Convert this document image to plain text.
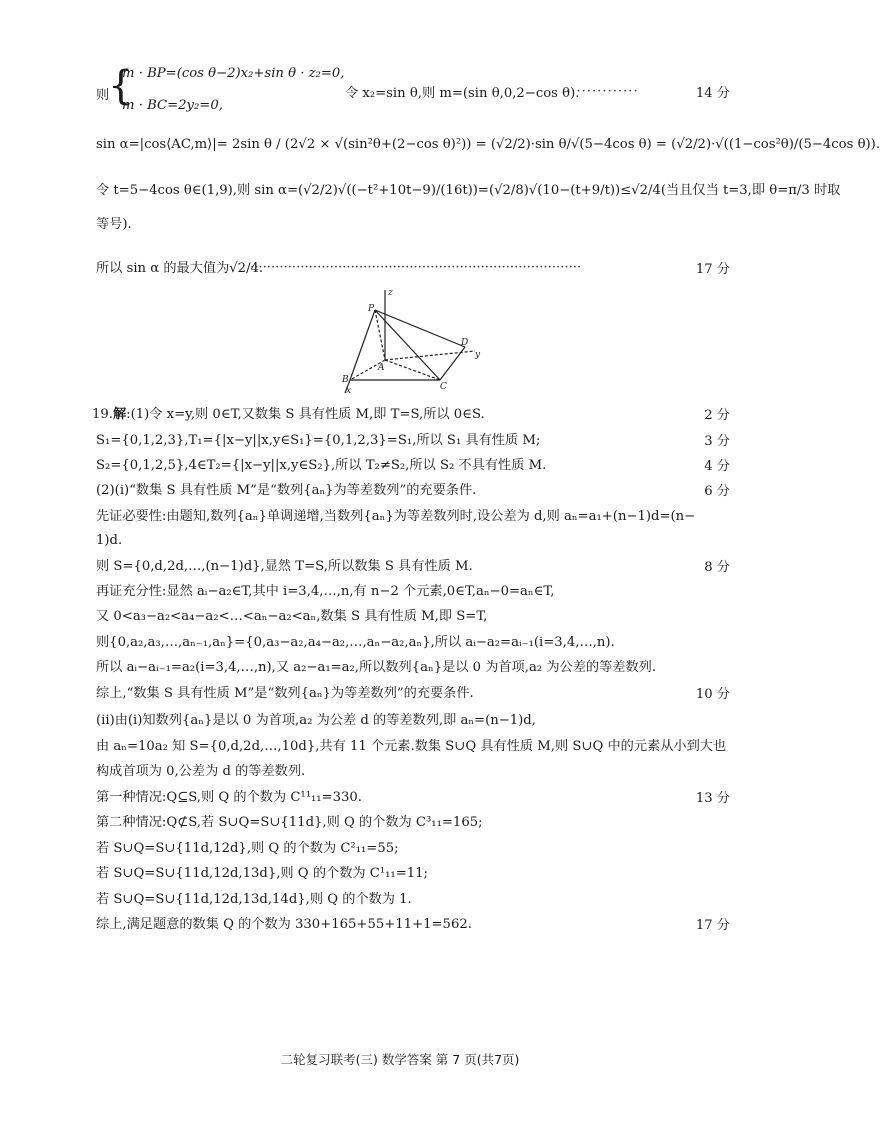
则
{
m · BP=(cos θ−2)x₂+sin θ · z₂=0,
m · BC=2y₂=0,
令 x₂=sin θ,则 m=(sin θ,0,2−cos θ).	14 分
··············
sin α=|cos⟨AC,m⟩|= 2sin θ / (2√2 × √(sin²θ+(2−cos θ)²)) = (√2/2)·sin θ/√(5−4cos θ) = (√2/2)·√((1−cos²θ)/(5−4cos θ)).
令 t=5−4cos θ∈(1,9),则 sin α=(√2/2)√((−t²+10t−9)/(16t))=(√2/8)√(10−(t+9/t))≤√2/4(当且仅当 t=3,即 θ=π/3 时取
等号).
所以 sin α 的最大值为√2/4.
···············································································	17 分
z
P
A
D
y
B
x	C
19.解:(1)令 x=y,则 0∈T,又数集 S 具有性质 M,即 T=S,所以 0∈S.	2 分
S₁={0,1,2,3},T₁={|x−y||x,y∈S₁}={0,1,2,3}=S₁,所以 S₁ 具有性质 M;	3 分
S₂={0,1,2,5},4∈T₂={|x−y||x,y∈S₂},所以 T₂≠S₂,所以 S₂ 不具有性质 M.	4 分
(2)(ⅰ)“数集 S 具有性质 M”是“数列{aₙ}为等差数列”的充要条件.	6 分
先证必要性:由题知,数列{aₙ}单调递增,当数列{aₙ}为等差数列时,设公差为 d,则 aₙ=a₁+(n−1)d=(n−
1)d.
则 S={0,d,2d,…,(n−1)d},显然 T=S,所以数集 S 具有性质 M.	8 分
再证充分性:显然 aᵢ−a₂∈T,其中 i=3,4,…,n,有 n−2 个元素,0∈T,aₙ−0=aₙ∈T,
又 0<a₃−a₂<a₄−a₂<…<aₙ−a₂<aₙ,数集 S 具有性质 M,即 S=T,
则{0,a₂,a₃,…,aₙ₋₁,aₙ}={0,a₃−a₂,a₄−a₂,…,aₙ−a₂,aₙ},所以 aᵢ−a₂=aᵢ₋₁(i=3,4,…,n).
所以 aᵢ−aᵢ₋₁=a₂(i=3,4,…,n),又 a₂−a₁=a₂,所以数列{aₙ}是以 0 为首项,a₂ 为公差的等差数列.
综上,“数集 S 具有性质 M”是“数列{aₙ}为等差数列”的充要条件.	10 分
(ⅱ)由(ⅰ)知数列{aₙ}是以 0 为首项,a₂ 为公差 d 的等差数列,即 aₙ=(n−1)d,
由 aₙ=10a₂ 知 S={0,d,2d,…,10d},共有 11 个元素.数集 S∪Q 具有性质 M,则 S∪Q 中的元素从小到大也
构成首项为 0,公差为 d 的等差数列.
第一种情况:Q⊆S,则 Q 的个数为 C¹¹₁₁=330.	13 分
第二种情况:Q⊄S,若 S∪Q=S∪{11d},则 Q 的个数为 C³₁₁=165;
若 S∪Q=S∪{11d,12d},则 Q 的个数为 C²₁₁=55;
若 S∪Q=S∪{11d,12d,13d},则 Q 的个数为 C¹₁₁=11;
若 S∪Q=S∪{11d,12d,13d,14d},则 Q 的个数为 1.
综上,满足题意的数集 Q 的个数为 330+165+55+11+1=562.	17 分
二轮复习联考(三) 数学答案 第 7 页(共7页)
